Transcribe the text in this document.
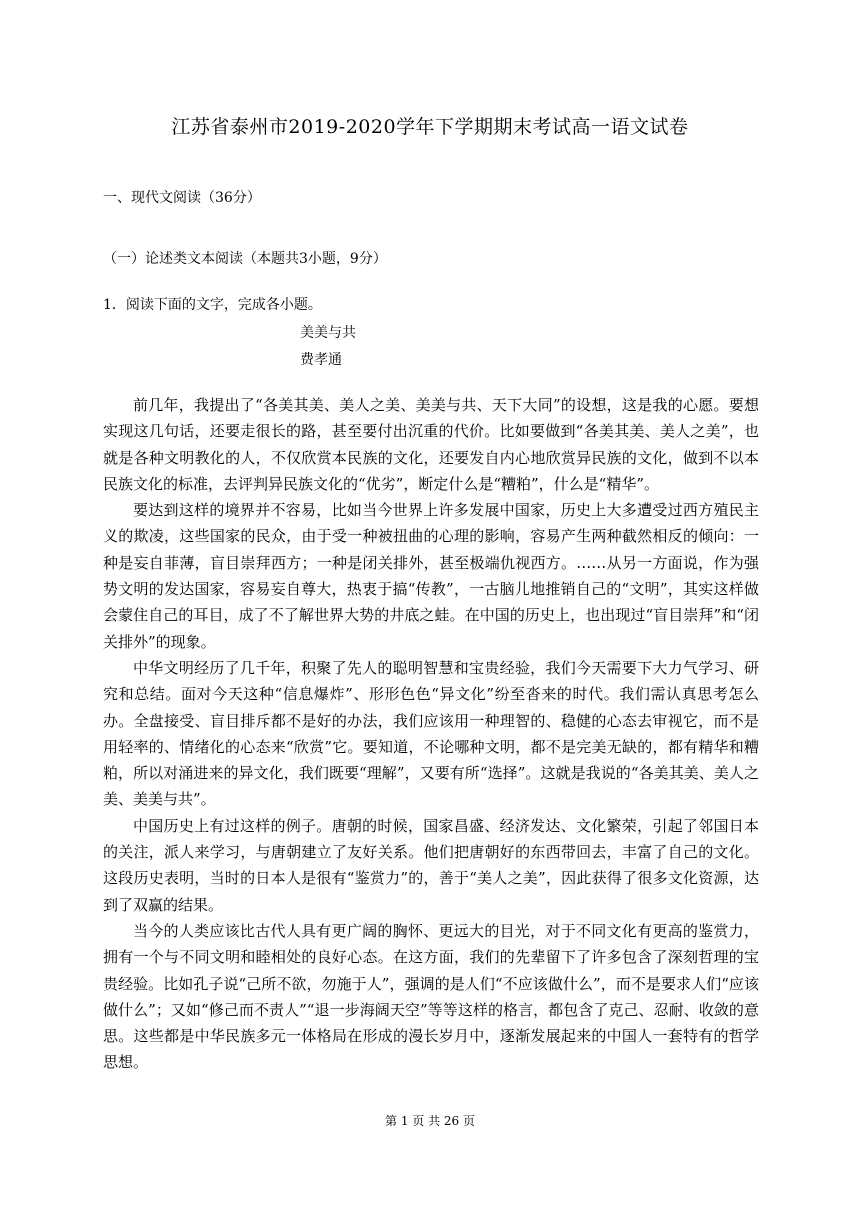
江苏省泰州市2019-2020学年下学期期末考试高一语文试卷
一、现代文阅读（36分）
（一）论述类文本阅读（本题共3小题，9分）
1．阅读下面的文字，完成各小题。
美美与共
费孝通

前几年，我提出了“各美其美、美人之美、美美与共、天下大同”的设想，这是我的心愿。要想实现这几句话，还要走很长的路，甚至要付出沉重的代价。比如要做到“各美其美、美人之美”，也就是各种文明教化的人，不仅欣赏本民族的文化，还要发自内心地欣赏异民族的文化，做到不以本民族文化的标准，去评判异民族文化的“优劣”，断定什么是“糟粕”，什么是“精华”。

要达到这样的境界并不容易，比如当今世界上许多发展中国家，历史上大多遭受过西方殖民主义的欺凌，这些国家的民众，由于受一种被扭曲的心理的影响，容易产生两种截然相反的倾向：一种是妄自菲薄，盲目崇拜西方；一种是闭关排外，甚至极端仇视西方。……从另一方面说，作为强势文明的发达国家，容易妄自尊大，热衷于搞“传教”，一古脑儿地推销自己的“文明”，其实这样做会蒙住自己的耳目，成了不了解世界大势的井底之蛙。在中国的历史上，也出现过“盲目崇拜”和“闭关排外”的现象。

中华文明经历了几千年，积聚了先人的聪明智慧和宝贵经验，我们今天需要下大力气学习、研究和总结。面对今天这种“信息爆炸”、形形色色“异文化”纷至沓来的时代。我们需认真思考怎么办。全盘接受、盲目排斥都不是好的办法，我们应该用一种理智的、稳健的心态去审视它，而不是用轻率的、情绪化的心态来“欣赏”它。要知道，不论哪种文明，都不是完美无缺的，都有精华和糟粕，所以对涌进来的异文化，我们既要“理解”，又要有所“选择”。这就是我说的“各美其美、美人之美、美美与共”。

中国历史上有过这样的例子。唐朝的时候，国家昌盛、经济发达、文化繁荣，引起了邻国日本的关注，派人来学习，与唐朝建立了友好关系。他们把唐朝好的东西带回去，丰富了自己的文化。这段历史表明，当时的日本人是很有“鉴赏力”的，善于“美人之美”，因此获得了很多文化资源，达到了双赢的结果。

当今的人类应该比古代人具有更广阔的胸怀、更远大的目光，对于不同文化有更高的鉴赏力，拥有一个与不同文明和睦相处的良好心态。在这方面，我们的先辈留下了许多包含了深刻哲理的宝贵经验。比如孔子说“己所不欲，勿施于人”，强调的是人们“不应该做什么”，而不是要求人们“应该做什么”；又如“修己而不责人”“退一步海阔天空”等等这样的格言，都包含了克己、忍耐、收敛的意思。这些都是中华民族多元一体格局在形成的漫长岁月中，逐渐发展起来的中国人一套特有的哲学思想。

第 1 页 共 26 页
